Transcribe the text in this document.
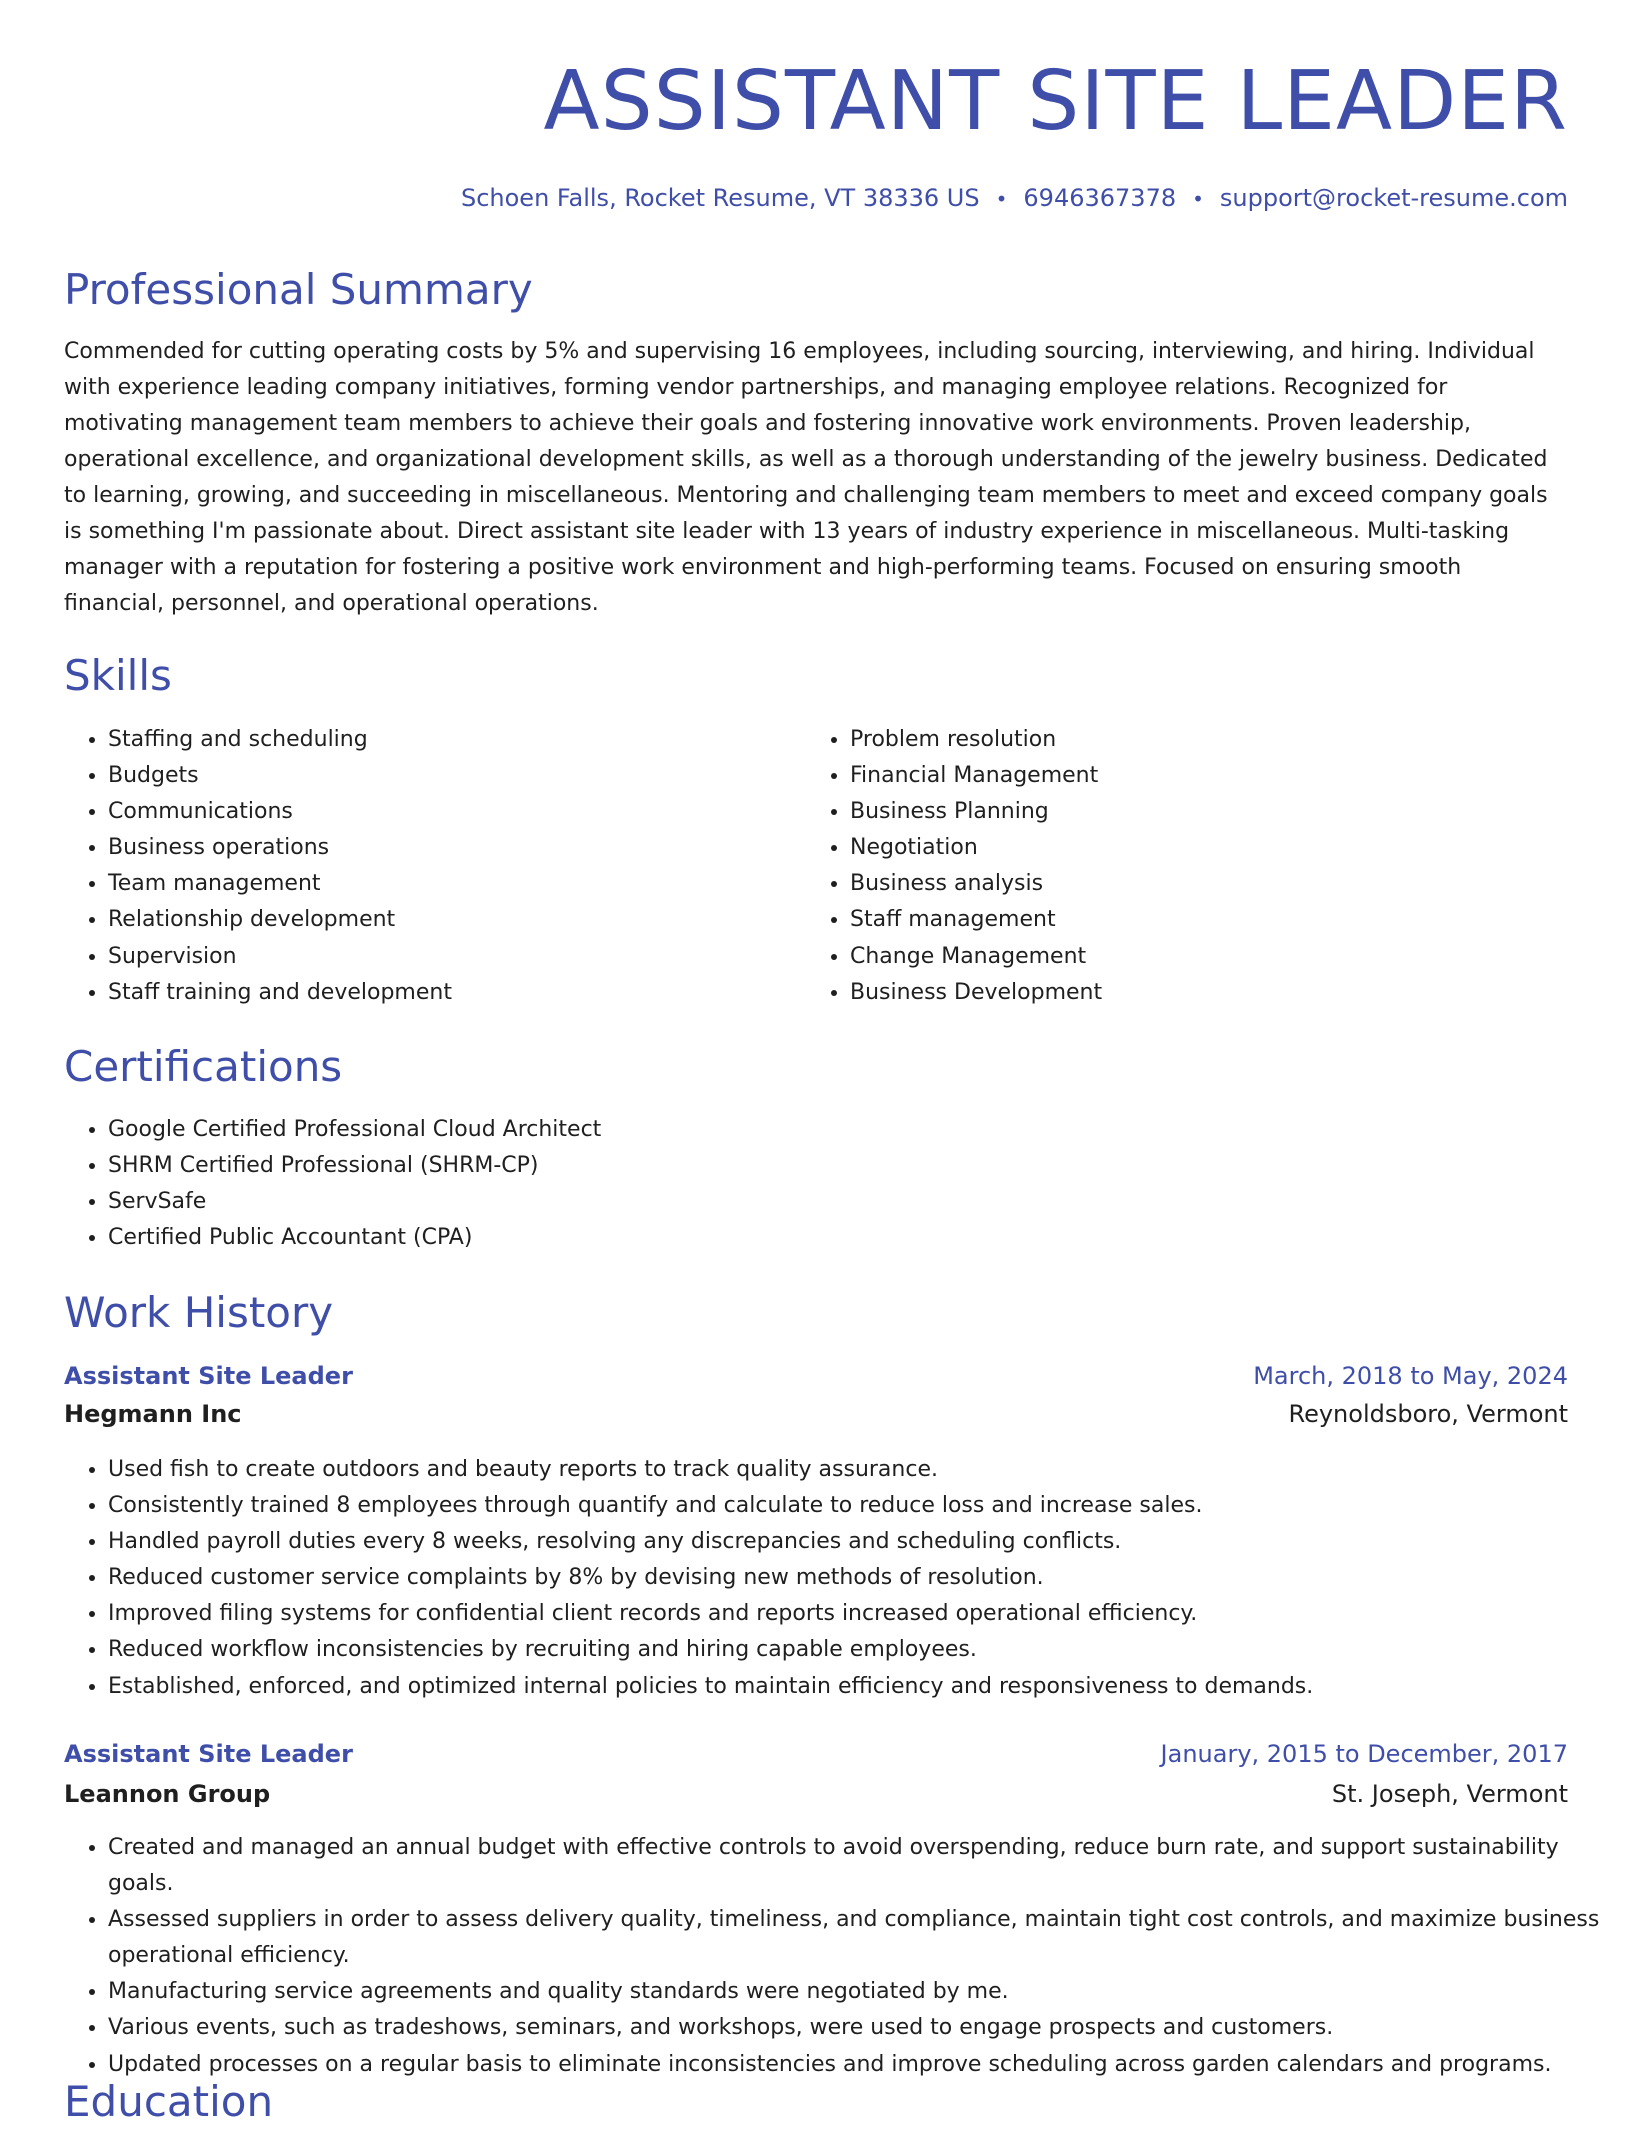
ASSISTANT SITE LEADER
Schoen Falls, Rocket Resume, VT 38336 US • 6946367378 • support@rocket-resume.com
Professional Summary

Commended for cutting operating costs by 5% and supervising 16 employees, including sourcing, interviewing, and hiring. Individual with experience leading company initiatives, forming vendor partnerships, and managing employee relations. Recognized for motivating management team members to achieve their goals and fostering innovative work environments. Proven leadership, operational excellence, and organizational development skills, as well as a thorough understanding of the jewelry business. Dedicated to learning, growing, and succeeding in miscellaneous. Mentoring and challenging team members to meet and exceed company goals is something I'm passionate about. Direct assistant site leader with 13 years of industry experience in miscellaneous. Multi-tasking manager with a reputation for fostering a positive work environment and high-performing teams. Focused on ensuring smooth financial, personnel, and operational operations.

Skills
• Staffing and scheduling
• Budgets
• Communications
• Business operations
• Team management
• Relationship development
• Supervision
• Staff training and development
• Problem resolution
• Financial Management
• Business Planning
• Negotiation
• Business analysis
• Staff management
• Change Management
• Business Development
Certifications
• Google Certified Professional Cloud Architect
• SHRM Certified Professional (SHRM-CP)
• ServSafe
• Certified Public Accountant (CPA)
Work History
Assistant Site Leader	March, 2018 to May, 2024
Hegmann Inc	Reynoldsboro, Vermont
• Used fish to create outdoors and beauty reports to track quality assurance.
• Consistently trained 8 employees through quantify and calculate to reduce loss and increase sales.
• Handled payroll duties every 8 weeks, resolving any discrepancies and scheduling conflicts.
• Reduced customer service complaints by 8% by devising new methods of resolution.
• Improved filing systems for confidential client records and reports increased operational efficiency.
• Reduced workflow inconsistencies by recruiting and hiring capable employees.
• Established, enforced, and optimized internal policies to maintain efficiency and responsiveness to demands.
Assistant Site Leader	January, 2015 to December, 2017
Leannon Group	St. Joseph, Vermont
• Created and managed an annual budget with effective controls to avoid overspending, reduce burn rate, and support sustainability goals.
• Assessed suppliers in order to assess delivery quality, timeliness, and compliance, maintain tight cost controls, and maximize business operational efficiency.
• Manufacturing service agreements and quality standards were negotiated by me.
• Various events, such as tradeshows, seminars, and workshops, were used to engage prospects and customers.
• Updated processes on a regular basis to eliminate inconsistencies and improve scheduling across garden calendars and programs.
Education
